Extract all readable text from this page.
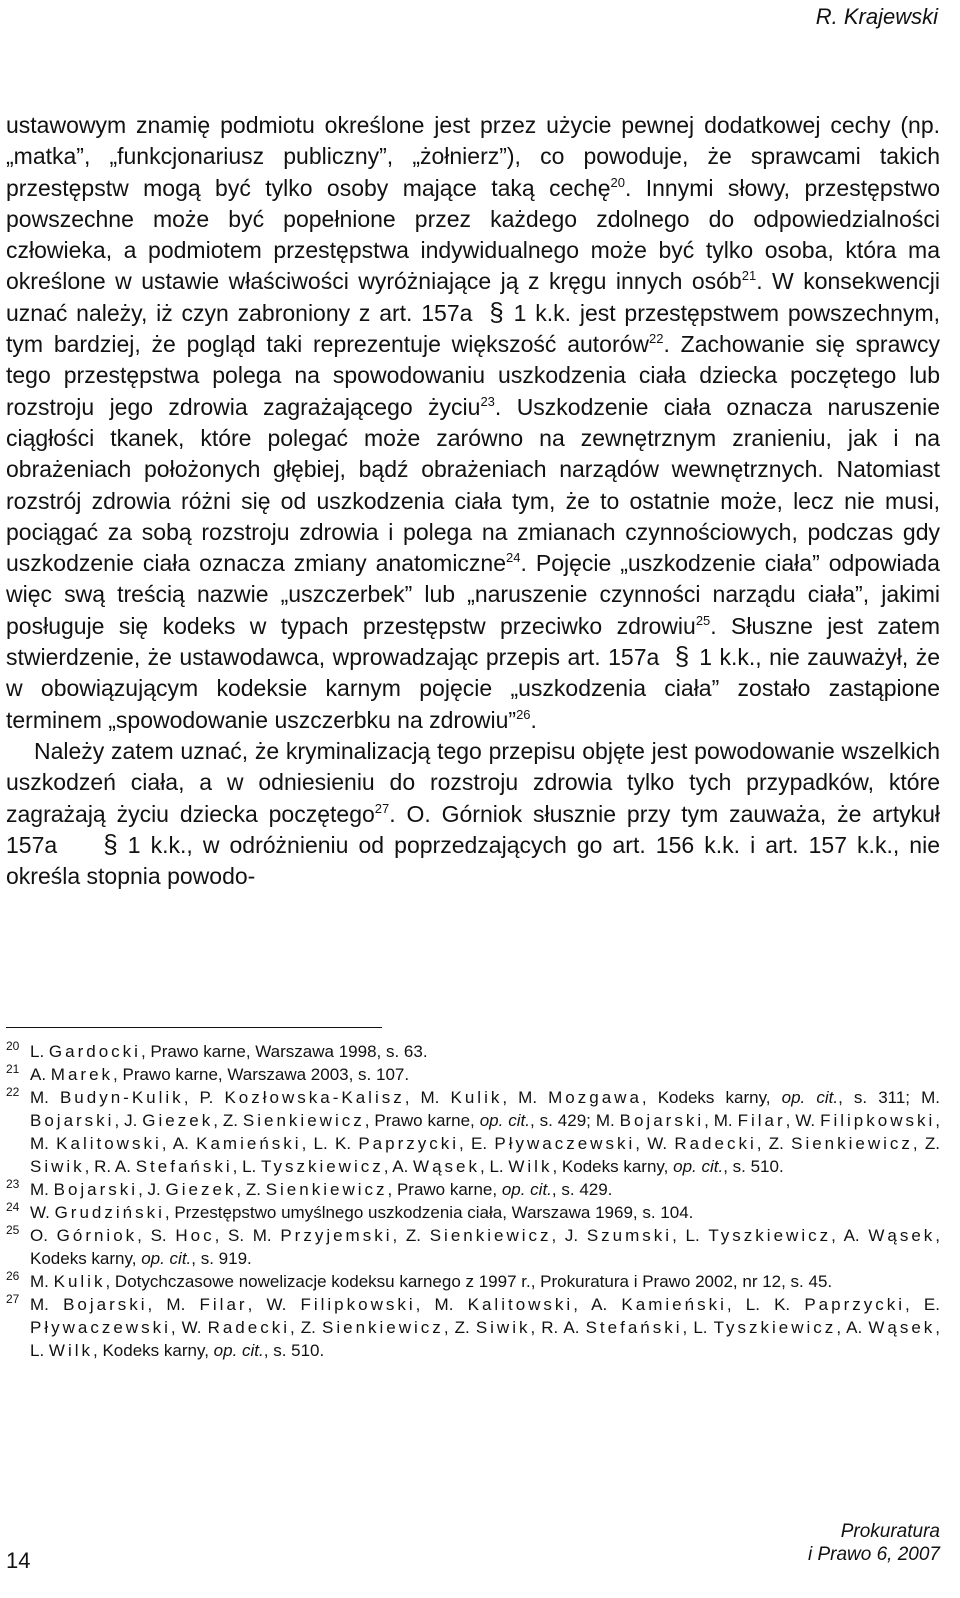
R. Krajewski

ustawowym znamię podmiotu określone jest przez użycie pewnej dodatkowej cechy (np. „matka”, „funkcjonariusz publiczny”, „żołnierz”), co powoduje, że sprawcami takich przestępstw mogą być tylko osoby mające taką cechę$^{20}$. Innymi słowy, przestępstwo powszechne może być popełnione przez każdego zdolnego do odpowiedzialności człowieka, a podmiotem przestępstwa indywidualnego może być tylko osoba, która ma określone w ustawie właściwości wyróżniające ją z kręgu innych osób$^{21}$. W konsekwencji uznać należy, iż czyn zabroniony z art. 157a § 1 k.k. jest przestępstwem powszechnym, tym bardziej, że pogląd taki reprezentuje większość autorów$^{22}$. Zachowanie się sprawcy tego przestępstwa polega na spowodowaniu uszkodzenia ciała dziecka poczętego lub rozstroju jego zdrowia zagrażającego życiu$^{23}$. Uszkodzenie ciała oznacza naruszenie ciągłości tkanek, które polegać może zarówno na zewnętrznym zranieniu, jak i na obrażeniach położonych głębiej, bądź obrażeniach narządów wewnętrznych. Natomiast rozstrój zdrowia różni się od uszkodzenia ciała tym, że to ostatnie może, lecz nie musi, pociągać za sobą rozstroju zdrowia i polega na zmianach czynnościowych, podczas gdy uszkodzenie ciała oznacza zmiany anatomiczne$^{24}$. Pojęcie „uszkodzenie ciała” odpowiada więc swą treścią nazwie „uszczerbek” lub „naruszenie czynności narządu ciała”, jakimi posługuje się kodeks w typach przestępstw przeciwko zdrowiu$^{25}$. Słuszne jest zatem stwierdzenie, że ustawodawca, wprowadzając przepis art. 157a § 1 k.k., nie zauważył, że w obowiązującym kodeksie karnym pojęcie „uszkodzenia ciała” zostało zastąpione terminem „spowodowanie uszczerbku na zdrowiu”$^{26}$.

Należy zatem uznać, że kryminalizacją tego przepisu objęte jest powodowanie wszelkich uszkodzeń ciała, a w odniesieniu do rozstroju zdrowia tylko tych przypadków, które zagrażają życiu dziecka poczętego$^{27}$. O. Górniok słusznie przy tym zauważa, że artykuł 157a § 1 k.k., w odróżnieniu od poprzedzających go art. 156 k.k. i art. 157 k.k., nie określa stopnia powodo-

20 L. Gardocki, Prawo karne, Warszawa 1998, s. 63.
21 A. Marek, Prawo karne, Warszawa 2003, s. 107.
22 M. Budyn-Kulik, P. Kozłowska-Kalisz, M. Kulik, M. Mozgawa, Kodeks karny, op. cit., s. 311; M. Bojarski, J. Giezek, Z. Sienkiewicz, Prawo karne, op. cit., s. 429; M. Bojarski, M. Filar, W. Filipkowski, M. Kalitowski, A. Kamieński, L. K. Paprzycki, E. Pływaczewski, W. Radecki, Z. Sienkiewicz, Z. Siwik, R. A. Stefański, L. Tyszkiewicz, A. Wąsek, L. Wilk, Kodeks karny, op. cit., s. 510.
23 M. Bojarski, J. Giezek, Z. Sienkiewicz, Prawo karne, op. cit., s. 429.
24 W. Grudziński, Przestępstwo umyślnego uszkodzenia ciała, Warszawa 1969, s. 104.
25 O. Górniok, S. Hoc, S. M. Przyjemski, Z. Sienkiewicz, J. Szumski, L. Tyszkiewicz, A. Wąsek, Kodeks karny, op. cit., s. 919.
26 M. Kulik, Dotychczasowe nowelizacje kodeksu karnego z 1997 r., Prokuratura i Prawo 2002, nr 12, s. 45.
27 M. Bojarski, M. Filar, W. Filipkowski, M. Kalitowski, A. Kamieński, L. K. Paprzycki, E. Pływaczewski, W. Radecki, Z. Sienkiewicz, Z. Siwik, R. A. Stefański, L. Tyszkiewicz, A. Wąsek, L. Wilk, Kodeks karny, op. cit., s. 510.
14
Prokuratura
i Prawo 6, 2007
